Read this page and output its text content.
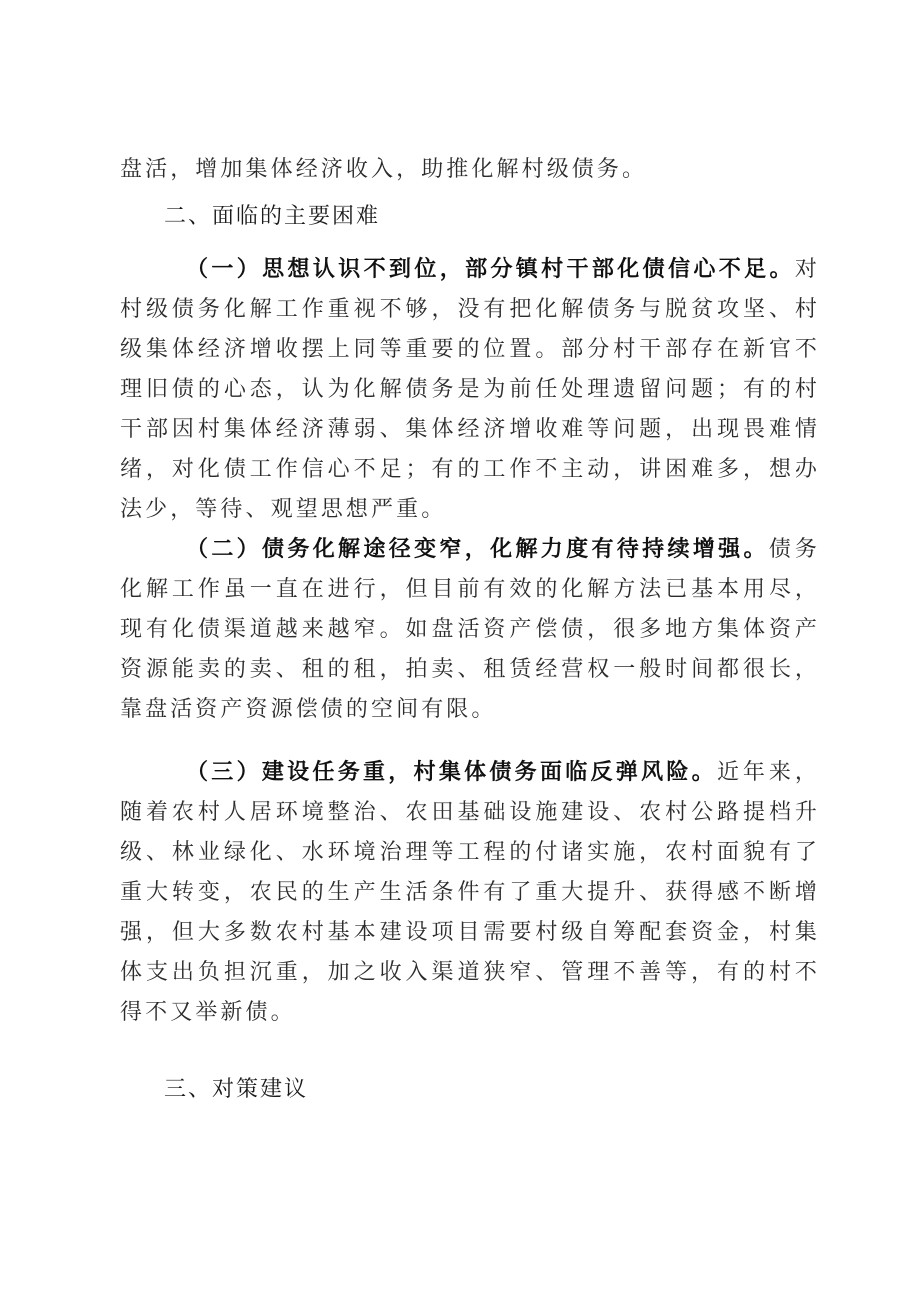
盘活，增加集体经济收入，助推化解村级债务。

二、面临的主要困难

（一）思想认识不到位，部分镇村干部化债信心不足。对村级债务化解工作重视不够，没有把化解债务与脱贫攻坚、村级集体经济增收摆上同等重要的位置。部分村干部存在新官不理旧债的心态，认为化解债务是为前任处理遗留问题；有的村干部因村集体经济薄弱、集体经济增收难等问题，出现畏难情绪，对化债工作信心不足；有的工作不主动，讲困难多，想办法少，等待、观望思想严重。

（二）债务化解途径变窄，化解力度有待持续增强。债务化解工作虽一直在进行，但目前有效的化解方法已基本用尽，现有化债渠道越来越窄。如盘活资产偿债，很多地方集体资产资源能卖的卖、租的租，拍卖、租赁经营权一般时间都很长，靠盘活资产资源偿债的空间有限。

（三）建设任务重，村集体债务面临反弹风险。近年来，随着农村人居环境整治、农田基础设施建设、农村公路提档升级、林业绿化、水环境治理等工程的付诸实施，农村面貌有了重大转变，农民的生产生活条件有了重大提升、获得感不断增强，但大多数农村基本建设项目需要村级自筹配套资金，村集体支出负担沉重，加之收入渠道狭窄、管理不善等，有的村不得不又举新债。

三、对策建议
